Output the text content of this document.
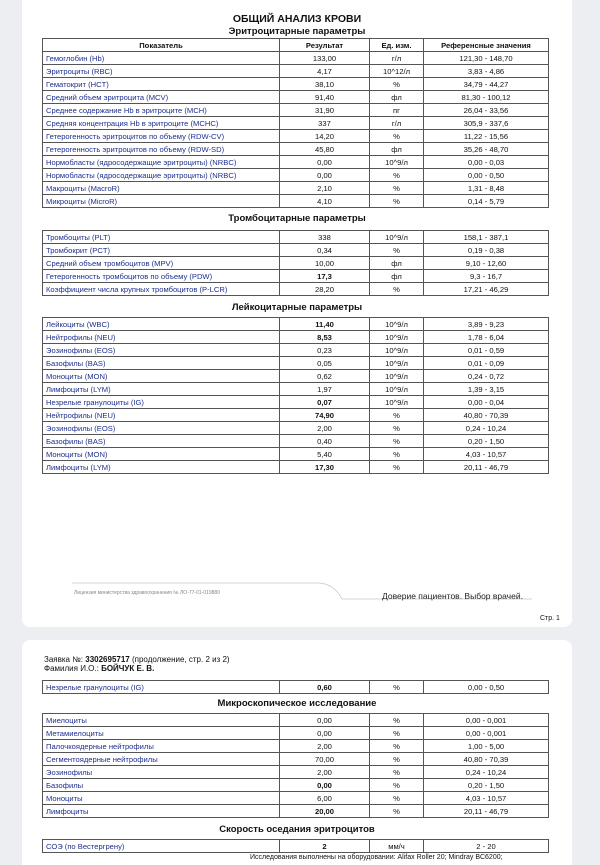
ОБЩИЙ АНАЛИЗ КРОВИ
Эритроцитарные параметры
Показатель	Результат	Ед. изм.	Референсные значения
Гемоглобин (Hb)	133,00	г/л	121,30 - 148,70
Эритроциты (RBC)	4,17	10^12/л	3,83 - 4,86
Гематокрит (HCT)	38,10	%	34,79 - 44,27
Средний объем эритроцита (MCV)	91,40	фл	81,30 - 100,12
Среднее содержание Hb в эритроците (MCH)	31,90	пг	26,04 - 33,56
Средняя концентрация Hb в эритроците (MCHC)	337	г/л	305,9 - 337,6
Гетерогенность эритроцитов по объему (RDW-CV)	14,20	%	11,22 - 15,56
Гетерогенность эритроцитов по объему (RDW-SD)	45,80	фл	35,26 - 48,70
Нормобласты (ядросодержащие эритроциты) (NRBC)	0,00	10^9/л	0,00 - 0,03
Нормобласты (ядросодержащие эритроциты) (NRBC)	0,00	%	0,00 - 0,50
Макроциты (MacroR)	2,10	%	1,31 - 8,48
Микроциты (MicroR)	4,10	%	0,14 - 5,79
Тромбоцитарные параметры
Тромбоциты (PLT)	338	10^9/л	158,1 - 387,1
Тромбокрит (PCT)	0,34	%	0,19 - 0,38
Средний объем тромбоцитов (MPV)	10,00	фл	9,10 - 12,60
Гетерогенность тромбоцитов по объему (PDW)	17,3	фл	9,3 - 16,7
Коэффициент числа крупных тромбоцитов (P-LCR)	28,20	%	17,21 - 46,29
Лейкоцитарные параметры
Лейкоциты (WBC)	11,40	10^9/л	3,89 - 9,23
Нейтрофилы (NEU)	8,53	10^9/л	1,78 - 6,04
Эозинофилы (EOS)	0,23	10^9/л	0,01 - 0,59
Базофилы (BAS)	0,05	10^9/л	0,01 - 0,09
Моноциты (MON)	0,62	10^9/л	0,24 - 0,72
Лимфоциты (LYM)	1,97	10^9/л	1,39 - 3,15
Незрелые гранулоциты (IG)	0,07	10^9/л	0,00 - 0,04
Нейтрофилы (NEU)	74,90	%	40,80 - 70,39
Эозинофилы (EOS)	2,00	%	0,24 - 10,24
Базофилы (BAS)	0,40	%	0,20 - 1,50
Моноциты (MON)	5,40	%	4,03 - 10,57
Лимфоциты (LYM)	17,30	%	20,11 - 46,79
Лицензия министерства здравоохранения № ЛО-77-01-019880	Доверие пациентов. Выбор врачей.
Стр. 1
Заявка №: 3302695717 (продолжение, стр. 2 из 2)
Фамилия И.О.: БОЙЧУК Е. В.
Незрелые гранулоциты (IG)	0,60	%	0,00 - 0,50
Микроскопическое исследование
Миелоциты	0,00	%	0,00 - 0,001
Метамиелоциты	0,00	%	0,00 - 0,001
Палочкоядерные нейтрофилы	2,00	%	1,00 - 5,00
Сегментоядерные нейтрофилы	70,00	%	40,80 - 70,39
Эозинофилы	2,00	%	0,24 - 10,24
Базофилы	0,00	%	0,20 - 1,50
Моноциты	6,00	%	4,03 - 10,57
Лимфоциты	20,00	%	20,11 - 46,79
Скорость оседания эритроцитов
СОЭ (по Вестергрену)	2	мм/ч	2 - 20
Исследования выполнены на оборудовании: Alifax Roller 20; Mindray BC6200;
